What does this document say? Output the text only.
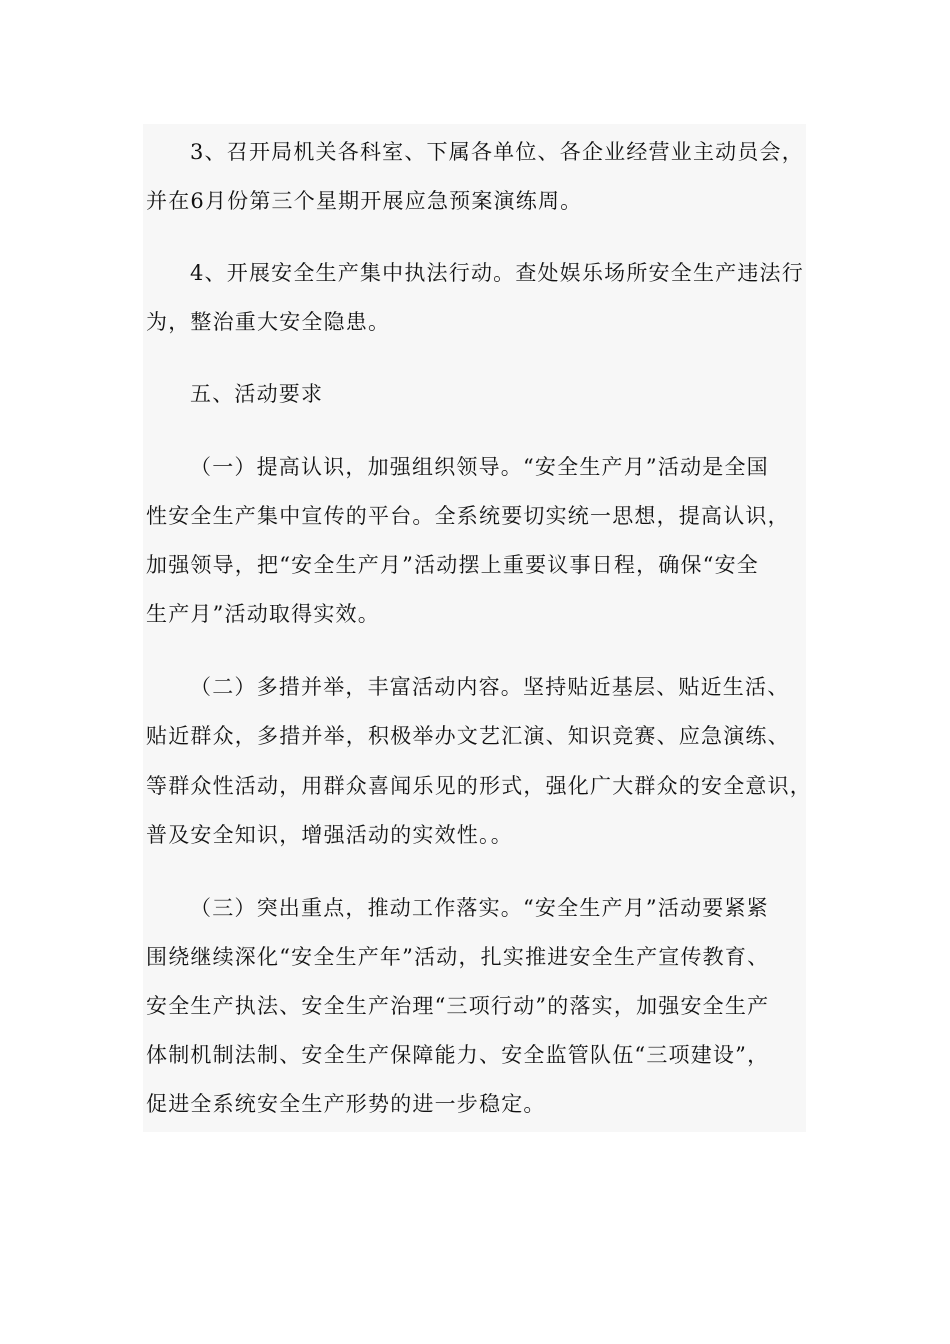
3、召开局机关各科室、下属各单位、各企业经营业主动员会，
并在6月份第三个星期开展应急预案演练周。
4、开展安全生产集中执法行动。查处娱乐场所安全生产违法行
为，整治重大安全隐患。
五、活动要求
（一）提高认识，加强组织领导。“安全生产月”活动是全国
性安全生产集中宣传的平台。全系统要切实统一思想，提高认识，
加强领导，把“安全生产月”活动摆上重要议事日程，确保“安全
生产月”活动取得实效。
（二）多措并举，丰富活动内容。坚持贴近基层、贴近生活、
贴近群众，多措并举，积极举办文艺汇演、知识竞赛、应急演练、
等群众性活动，用群众喜闻乐见的形式，强化广大群众的安全意识，
普及安全知识，增强活动的实效性。。
（三）突出重点，推动工作落实。“安全生产月”活动要紧紧
围绕继续深化“安全生产年”活动，扎实推进安全生产宣传教育、
安全生产执法、安全生产治理“三项行动”的落实，加强安全生产
体制机制法制、安全生产保障能力、安全监管队伍“三项建设”，
促进全系统安全生产形势的进一步稳定。
